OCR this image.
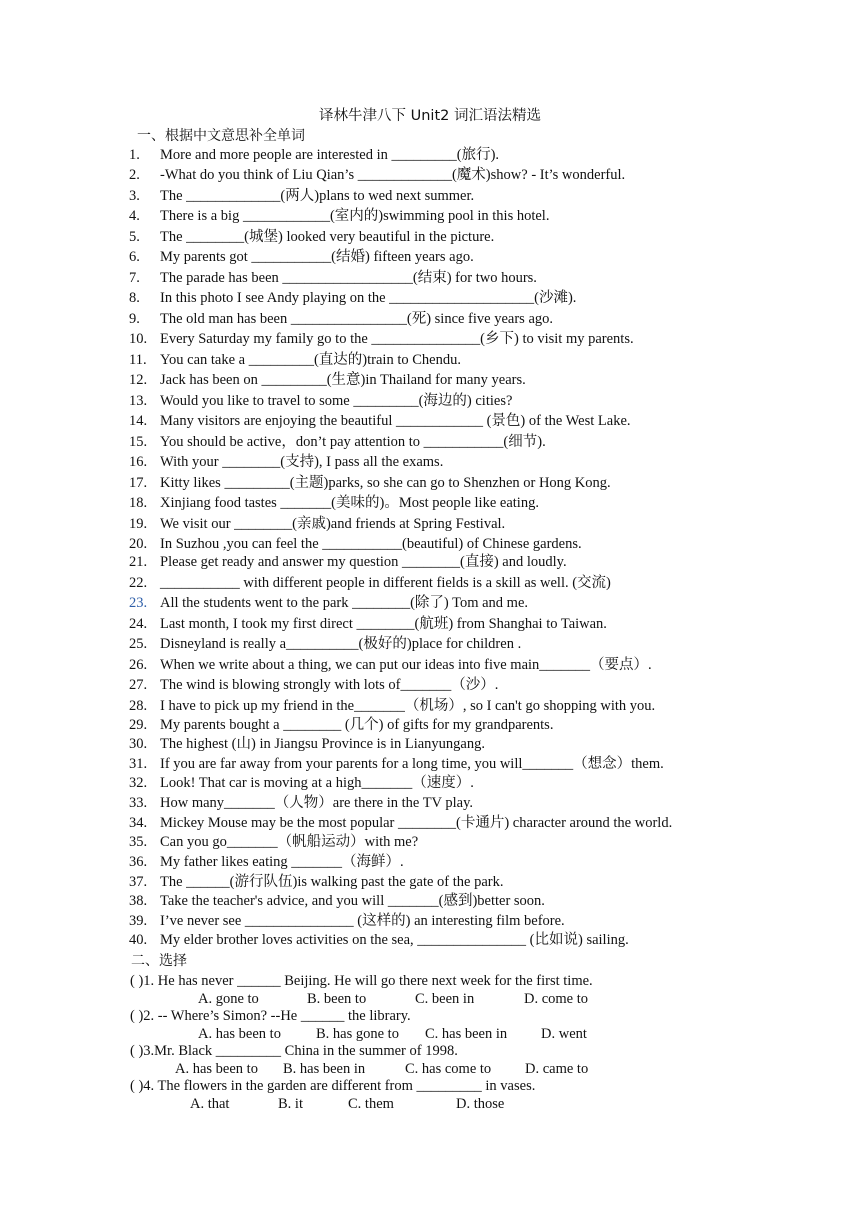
译林牛津八下 Unit2 词汇语法精选
一、根据中文意思补全单词
1. More and more people are interested in _________(旅行).
2. -What do you think of Liu Qian’s _____________(魔术)show? - It’s wonderful.
3. The _____________(两人)plans to wed next summer.
4. There is a big ____________(室内的)swimming pool in this hotel.
5. The ________(城堡) looked very beautiful in the picture.
6. My parents got ___________(结婚) fifteen years ago.
7. The parade has been __________________(结束) for two hours.
8. In this photo I see Andy playing on the ____________________(沙滩).
9. The old man has been ________________(死) since five years ago.
10. Every Saturday my family go to the _______________(乡下) to visit my parents.
11. You can take a _________(直达的)train to Chendu.
12. Jack has been on _________(生意)in Thailand for many years.
13. Would you like to travel to some _________(海边的) cities?
14. Many visitors are enjoying the beautiful ____________ (景色) of the West Lake.
15. You should be active，don’t pay attention to ___________(细节).
16. With your ________(支持), I pass all the exams.
17. Kitty likes _________(主题)parks, so she can go to Shenzhen or Hong Kong.
18. Xinjiang food tastes _______(美味的)。Most people like eating.
19. We visit our ________(亲戚)and friends at Spring Festival.
20. In Suzhou ,you can feel the ___________(beautiful) of Chinese gardens.
21. Please get ready and answer my question ________(直接) and loudly.
22. ___________ with different people in different fields is a skill as well. (交流)
23. All the students went to the park ________(除了) Tom and me.
24. Last month, I took my first direct ________(航班) from Shanghai to Taiwan.
25. Disneyland is really a__________(极好的)place for children .
26. When we write about a thing, we can put our ideas into five main_______（要点）.
27. The wind is blowing strongly with lots of_______（沙）.
28. I have to pick up my friend in the_______（机场）, so I can't go shopping with you.
29. My parents bought a ________ (几个) of gifts for my grandparents.
30. The highest (山) in Jiangsu Province is in Lianyungang.
31. If you are far away from your parents for a long time, you will_______（想念）them.
32. Look! That car is moving at a high_______（速度）.
33. How many_______（人物）are there in the TV play.
34. Mickey Mouse may be the most popular ________(卡通片) character around the world.
35. Can you go_______（帆船运动）with me?
36. My father likes eating _______（海鲜）.
37. The ______(游行队伍)is walking past the gate of the park.
38. Take the teacher's advice, and you will _______(感到)better soon.
39. I’ve never see _______________ (这样的) an interesting film before.
40. My elder brother loves activities on the sea, _______________ (比如说) sailing.
二、选择
( )1. He has never ______ Beijing. He will go there next week for the first time.
A. gone to	B. been to	C. been in	D. come to
( )2. -- Where’s Simon? --He ______ the library.
A. has been to B. has gone to C. has been in D. went
( )3.Mr. Black _________ China in the summer of 1998.
A. has been to B. has been in	C. has come to D. came to
( )4. The flowers in the garden are different from _________ in vases.
A. that	B. it	C. them	D. those
